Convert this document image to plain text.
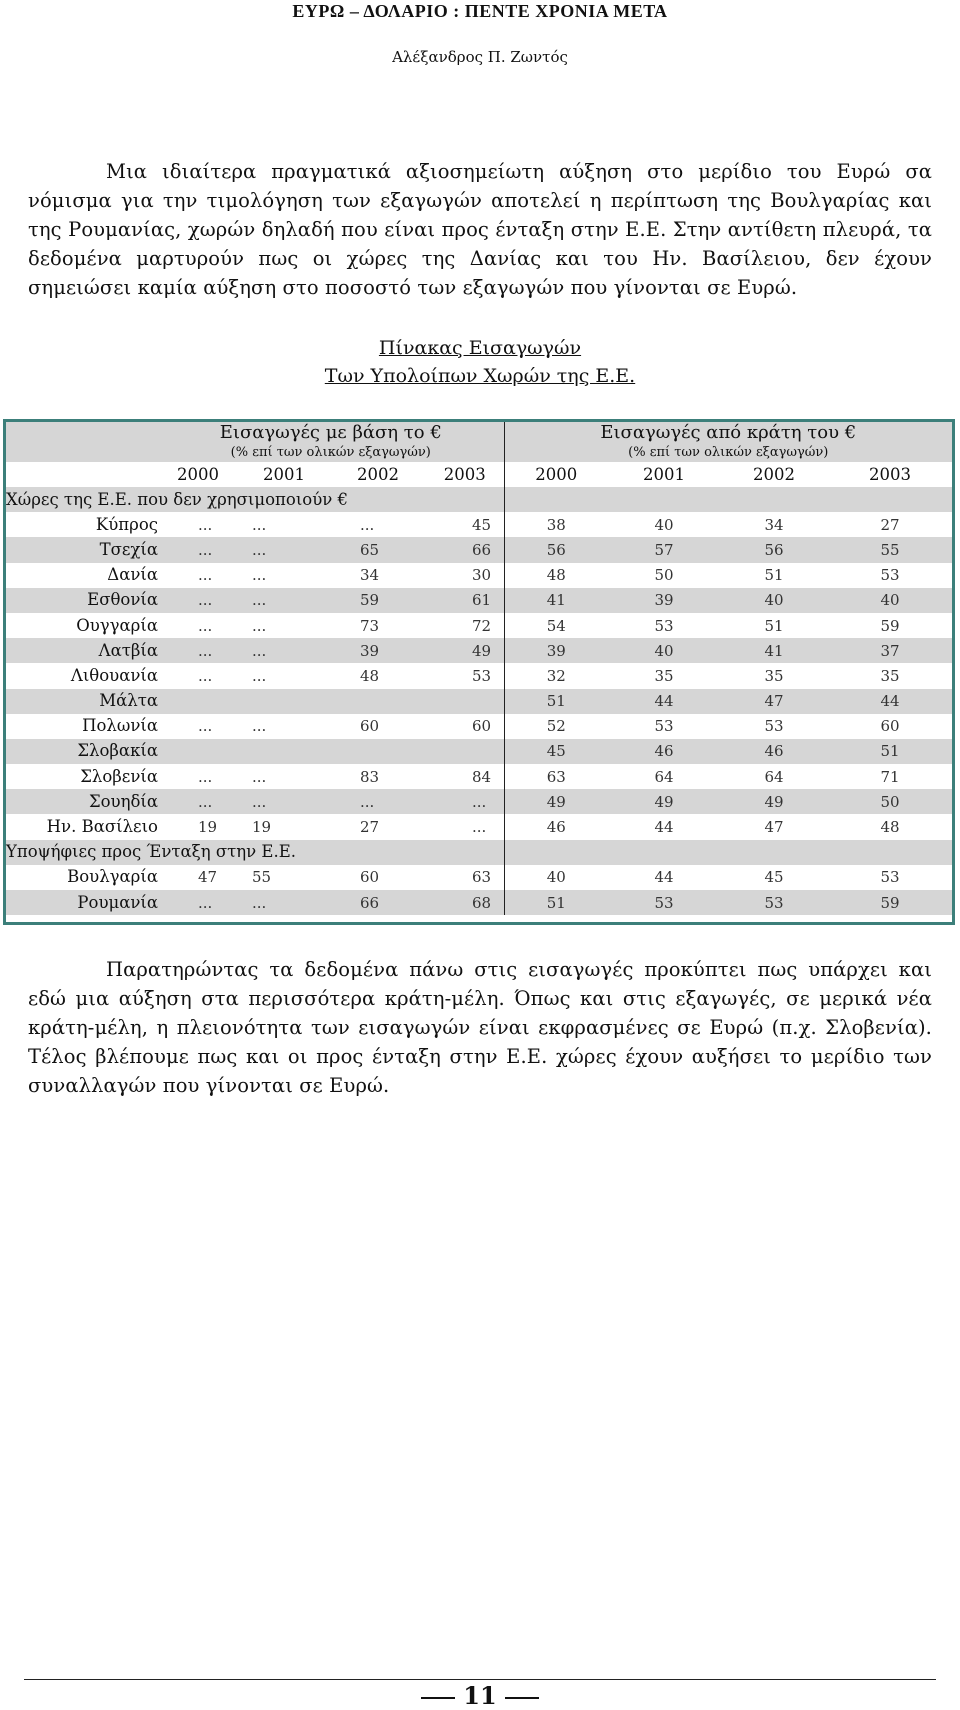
ΕΥΡΩ – ΔΟΛΑΡΙΟ : ΠΕΝΤΕ ΧΡΟΝΙΑ ΜΕΤΑ
Αλέξανδρος Π. Ζωντός

Μια ιδιαίτερα πραγματικά αξιοσημείωτη αύξηση στο μερίδιο του Ευρώ σα νόμισμα για την τιμολόγηση των εξαγωγών αποτελεί η περίπτωση της Βουλγαρίας και της Ρουμανίας, χωρών δηλαδή που είναι προς ένταξη στην Ε.Ε. Στην αντίθετη πλευρά, τα δεδομένα μαρτυρούν πως οι χώρες της Δανίας και του Ην. Βασίλειου, δεν έχουν σημειώσει καμία αύξηση στο ποσοστό των εξαγωγών που γίνονται σε Ευρώ.

Πίνακας Εισαγωγών
Των Υπολοίπων Χωρών της Ε.Ε.
	Εισαγωγές με βάση το €				Εισαγωγές από κράτη του €			
	(% επί των ολικών εξαγωγών)				(% επί των ολικών εξαγωγών)			
	2000	2001	2002	2003	2000	2001	2002	2003
Χώρες της Ε.Ε. που δεν χρησιμοποιούν €								
Κύπρος	...	...	...	45	38	40	34	27
Τσεχία	...	...	65	66	56	57	56	55
Δανία	...	...	34	30	48	50	51	53
Εσθονία	...	...	59	61	41	39	40	40
Ουγγαρία	...	...	73	72	54	53	51	59
Λατβία	...	...	39	49	39	40	41	37
Λιθουανία	...	...	48	53	32	35	35	35
Μάλτα					51	44	47	44
Πολωνία	...	...	60	60	52	53	53	60
Σλοβακία					45	46	46	51
Σλοβενία	...	...	83	84	63	64	64	71
Σουηδία	...	...	...	...	49	49	49	50
Ην. Βασίλειο	19	19	27	...	46	44	47	48
Υποψήφιες προς Ένταξη στην Ε.Ε.								
Βουλγαρία	47	55	60	63	40	44	45	53
Ρουμανία	...	...	66	68	51	53	53	59

Παρατηρώντας τα δεδομένα πάνω στις εισαγωγές προκύπτει πως υπάρχει και εδώ μια αύξηση στα περισσότερα κράτη-μέλη. Όπως και στις εξαγωγές, σε μερικά νέα κράτη-μέλη, η πλειονότητα των εισαγωγών είναι εκφρασμένες σε Ευρώ (π.χ. Σλοβενία). Τέλος βλέπουμε πως και οι προς ένταξη στην Ε.Ε. χώρες έχουν αυξήσει το μερίδιο των συναλλαγών που γίνονται σε Ευρώ.

11
